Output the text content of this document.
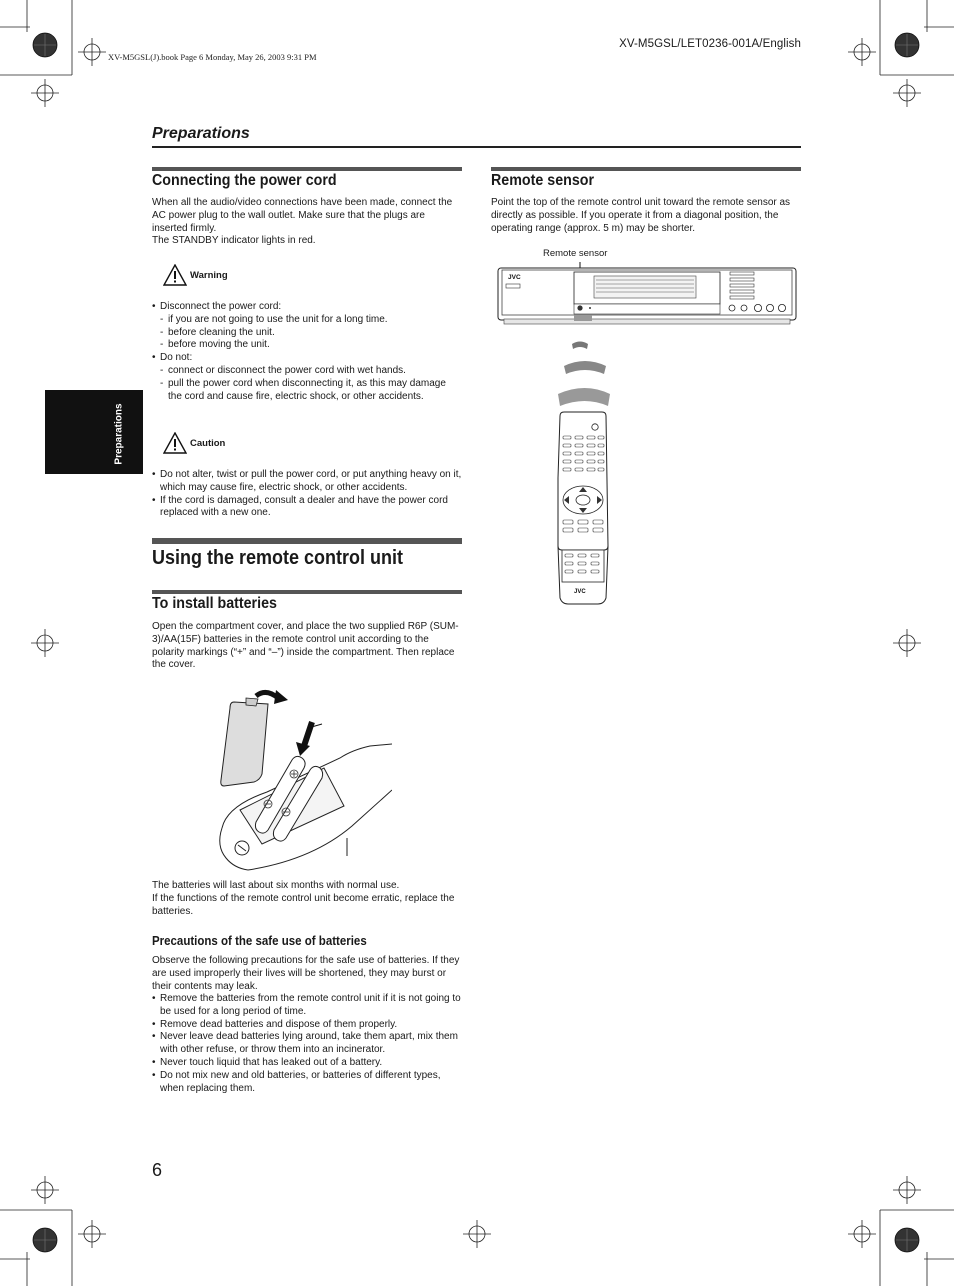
XV-M5GSL(J).book Page 6 Monday, May 26, 2003 9:31 PM
XV-M5GSL/LET0236-001A/English
Preparations
Preparations
Connecting the power cord
When all the audio/video connections have been made, connect the AC power plug to the wall outlet. Make sure that the plugs are inserted firmly.
The STANDBY indicator lights in red.
Warning
• Disconnect the power cord:
- if you are not going to use the unit for a long time.
- before cleaning the unit.
- before moving the unit.
• Do not:
- connect or disconnect the power cord with wet hands.
- pull the power cord when disconnecting it, as this may damage the cord and cause fire, electric shock, or other accidents.
Caution
• Do not alter, twist or pull the power cord, or put anything heavy on it, which may cause fire, electric shock, or other accidents.
• If the cord is damaged, consult a dealer and have the power cord replaced with a new one.
Using the remote control unit
To install batteries
Open the compartment cover, and place the two supplied R6P (SUM-3)/AA(15F) batteries in the remote control unit according to the polarity markings (“+” and “–”) inside the compartment. Then replace the cover.
The batteries will last about six months with normal use.
If the functions of the remote control unit become erratic, replace the batteries.
Precautions of the safe use of batteries
Observe the following precautions for the safe use of batteries. If they are used improperly their lives will be shortened, they may burst or their contents may leak.
• Remove the batteries from the remote control unit if it is not going to be used for a long period of time.
• Remove dead batteries and dispose of them properly.
• Never leave dead batteries lying around, take them apart, mix them with other refuse, or throw them into an incinerator.
• Never touch liquid that has leaked out of a battery.
• Do not mix new and old batteries, or batteries of different types, when replacing them.
Remote sensor
Point the top of the remote control unit toward the remote sensor as directly as possible. If you operate it from a diagonal position, the operating range (approx. 5 m) may be shorter.
Remote sensor
JVC
JVC
6
